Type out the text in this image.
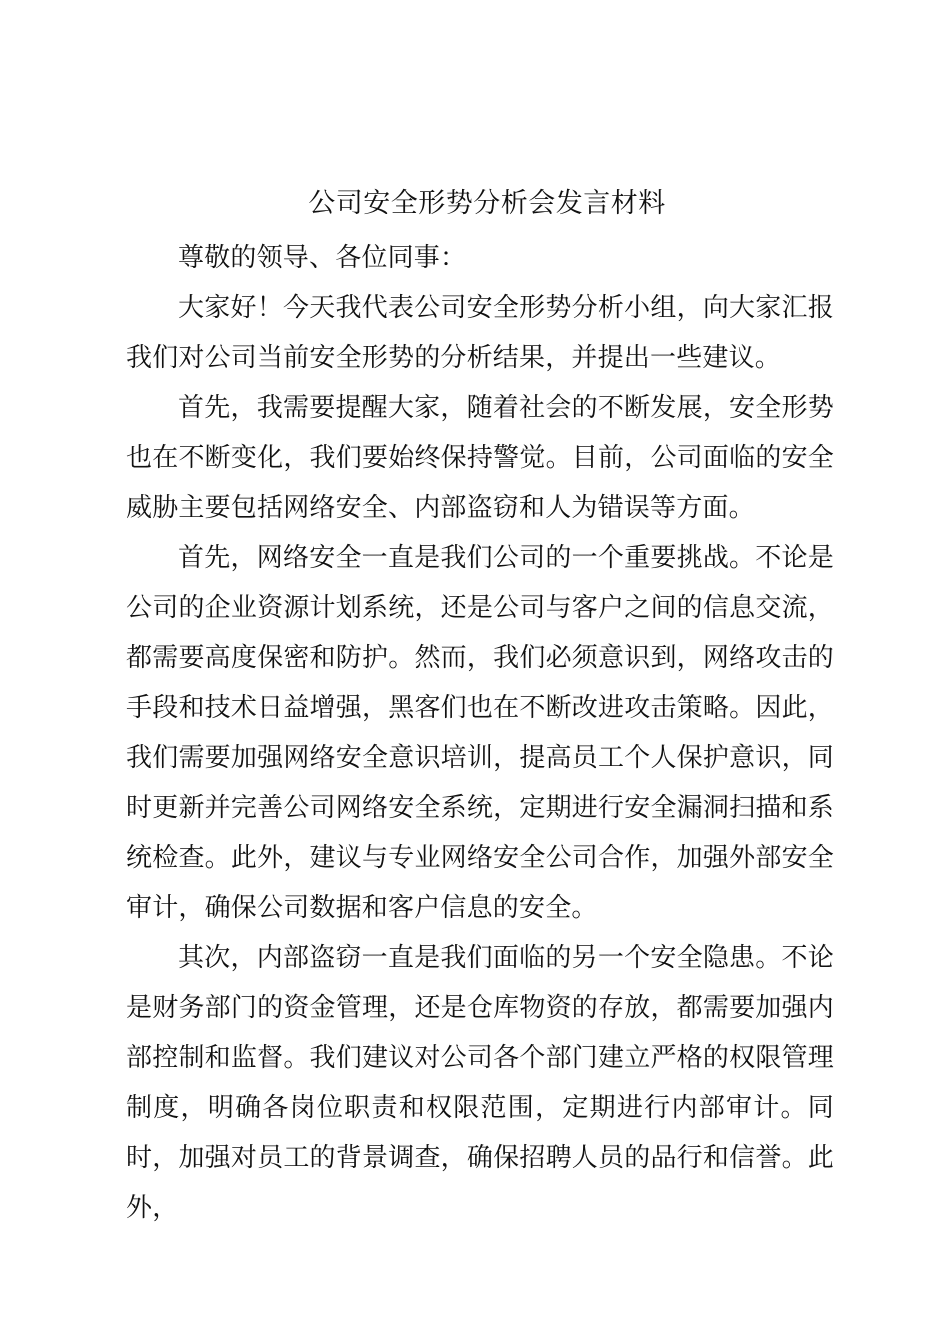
公司安全形势分析会发言材料

尊敬的领导、各位同事：

大家好！今天我代表公司安全形势分析小组，向大家汇报我们对公司当前安全形势的分析结果，并提出一些建议。

首先，我需要提醒大家，随着社会的不断发展，安全形势也在不断变化，我们要始终保持警觉。目前，公司面临的安全威胁主要包括网络安全、内部盗窃和人为错误等方面。

首先，网络安全一直是我们公司的一个重要挑战。不论是公司的企业资源计划系统，还是公司与客户之间的信息交流，都需要高度保密和防护。然而，我们必须意识到，网络攻击的手段和技术日益增强，黑客们也在不断改进攻击策略。因此，我们需要加强网络安全意识培训，提高员工个人保护意识，同时更新并完善公司网络安全系统，定期进行安全漏洞扫描和系统检查。此外，建议与专业网络安全公司合作，加强外部安全审计，确保公司数据和客户信息的安全。

其次，内部盗窃一直是我们面临的另一个安全隐患。不论是财务部门的资金管理，还是仓库物资的存放，都需要加强内部控制和监督。我们建议对公司各个部门建立严格的权限管理制度，明确各岗位职责和权限范围，定期进行内部审计。同时，加强对员工的背景调查，确保招聘人员的品行和信誉。此外，
